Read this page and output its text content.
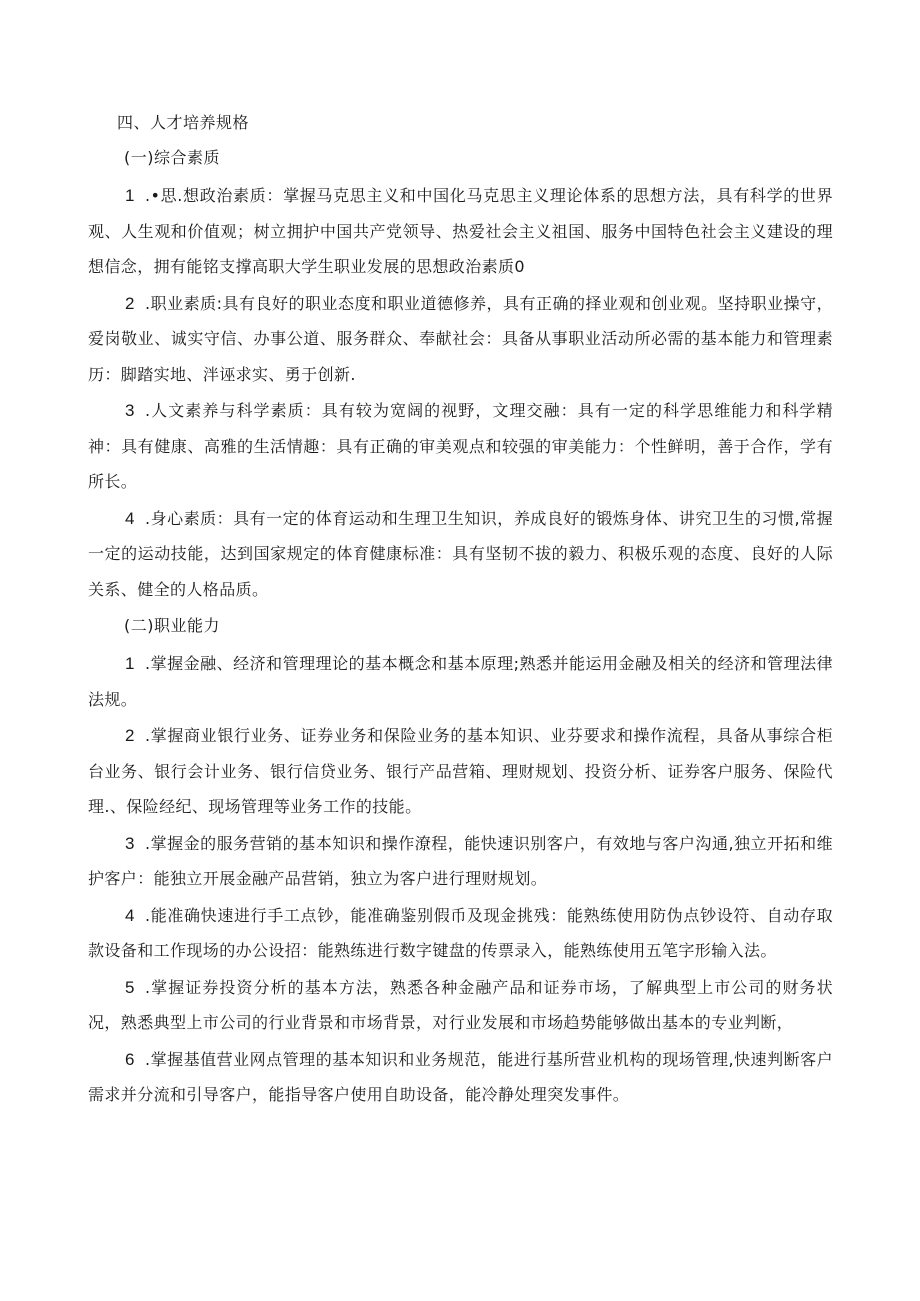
四、人才培养规格
(一)综合素质

1 .•思.想政治素质：掌握马克思主义和中国化马克思主义理论体系的思想方法，具有科学的世界观、人生观和价值观；树立拥护中国共产党领导、热爱社会主义祖国、服务中国特色社会主义建设的理想信念，拥有能铭支撑高职大学生职业发展的思想政治素质0

2 .职业素质:具有良好的职业态度和职业道德修养，具有正确的择业观和创业观。坚持职业操守，爱岗敬业、诚实守信、办事公道、服务群众、奉献社会：具备从事职业活动所必需的基本能力和管理素历：脚踏实地、泮诬求实、勇于创新.

3 .人文素养与科学素质：具有较为宽阔的视野，文理交融：具有一定的科学思维能力和科学精神：具有健康、高雅的生活情趣：具有正确的审美观点和较强的审美能力：个性鲜明，善于合作，学有所长。

4 .身心素质：具有一定的体育运动和生理卫生知识，养成良好的锻炼身体、讲究卫生的习惯,常握一定的运动技能，达到国家规定的体育健康标准：具有坚韧不拔的毅力、积极乐观的态度、良好的人际关系、健全的人格品质。

(二)职业能力

1 .掌握金融、经济和管理理论的基本概念和基本原理;熟悉并能运用金融及相关的经济和管理法律法规。

2 .掌握商业银行业务、证券业务和保险业务的基本知识、业芬要求和操作流程，具备从事综合柜台业务、银行会计业务、银行信贷业务、银行产品营箱、理财规划、投资分析、证券客户服务、保险代理.、保险经纪、现场管理等业务工作的技能。

3 .掌握金的服务营销的基本知识和操作潦程，能快速识别客户，有效地与客户沟通,独立开拓和维护客户：能独立开展金融产品营销，独立为客户进行理财规划。

4 .能准确快速进行手工点钞，能准确鉴别假币及现金挑残：能熟练使用防伪点钞设符、自动存取款设备和工作现场的办公设招：能熟练进行数字键盘的传票录入，能熟练使用五笔字形输入法。

5 .掌握证券投资分析的基本方法，熟悉各种金融产品和证券市场，了解典型上市公司的财务状况，熟悉典型上市公司的行业背景和市场背景，对行业发展和市场趋势能够做出基本的专业判断，

6 .掌握基值营业网点管理的基本知识和业务规范，能进行基所营业机构的现场管理,快速判断客户需求并分流和引导客户，能指导客户使用自助设备，能冷静处理突发事件。
